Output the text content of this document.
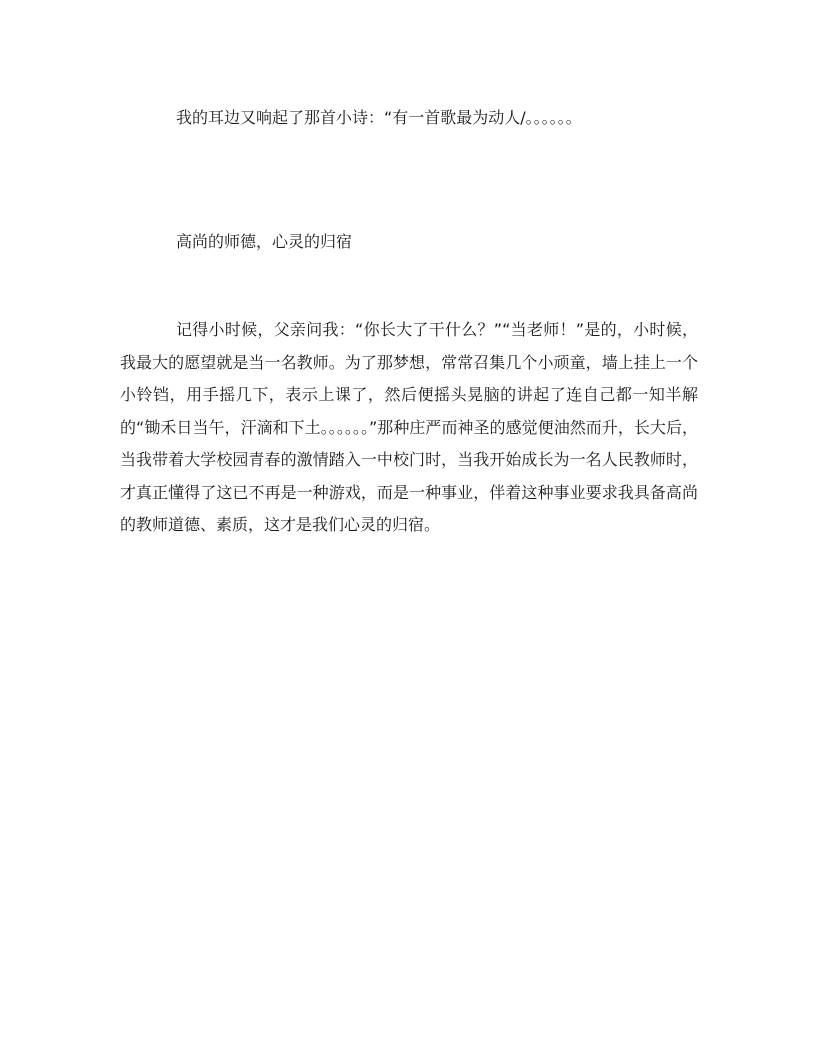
我的耳边又响起了那首小诗：“有一首歌最为动人/。。。。。。
高尚的师德，心灵的归宿
记得小时候，父亲问我：“你长大了干什么？”“当老师！”是的，小时候，我最大的愿望就是当一名教师。为了那梦想，常常召集几个小顽童，墙上挂上一个小铃铛，用手摇几下，表示上课了，然后便摇头晃脑的讲起了连自己都一知半解的“锄禾日当午，汗滴和下土。。。。。。”那种庄严而神圣的感觉便油然而升，长大后，当我带着大学校园青春的激情踏入一中校门时，当我开始成长为一名人民教师时，才真正懂得了这已不再是一种游戏，而是一种事业，伴着这种事业要求我具备高尚的教师道德、素质，这才是我们心灵的归宿。
